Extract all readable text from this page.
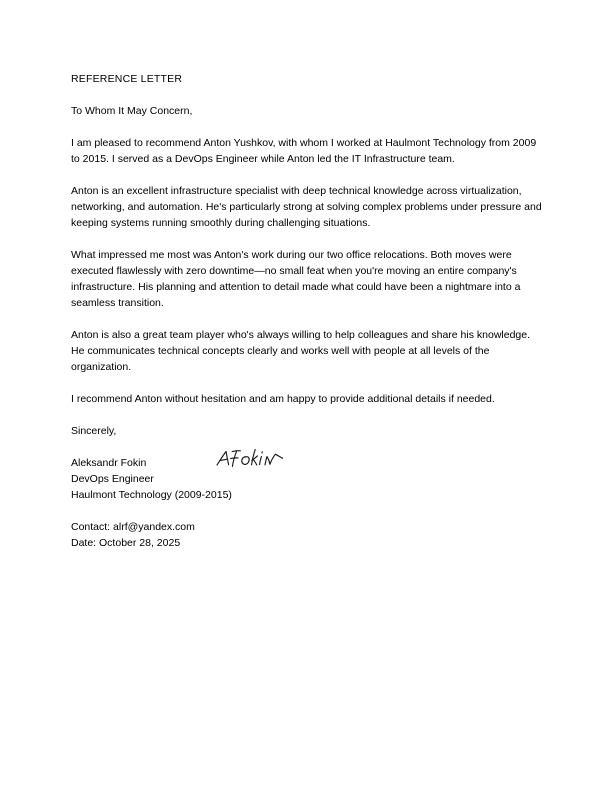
REFERENCE LETTER
To Whom It May Concern,
I am pleased to recommend Anton Yushkov, with whom I worked at Haulmont Technology from 2009 to 2015. I served as a DevOps Engineer while Anton led the IT Infrastructure team.
Anton is an excellent infrastructure specialist with deep technical knowledge across virtualization, networking, and automation. He's particularly strong at solving complex problems under pressure and keeping systems running smoothly during challenging situations.
What impressed me most was Anton's work during our two office relocations. Both moves were executed flawlessly with zero downtime—no small feat when you're moving an entire company's infrastructure. His planning and attention to detail made what could have been a nightmare into a seamless transition.
Anton is also a great team player who's always willing to help colleagues and share his knowledge. He communicates technical concepts clearly and works well with people at all levels of the organization.
I recommend Anton without hesitation and am happy to provide additional details if needed.
Sincerely,
Aleksandr Fokin
DevOps Engineer
Haulmont Technology (2009-2015)
Contact: alrf@yandex.com
Date: October 28, 2025
